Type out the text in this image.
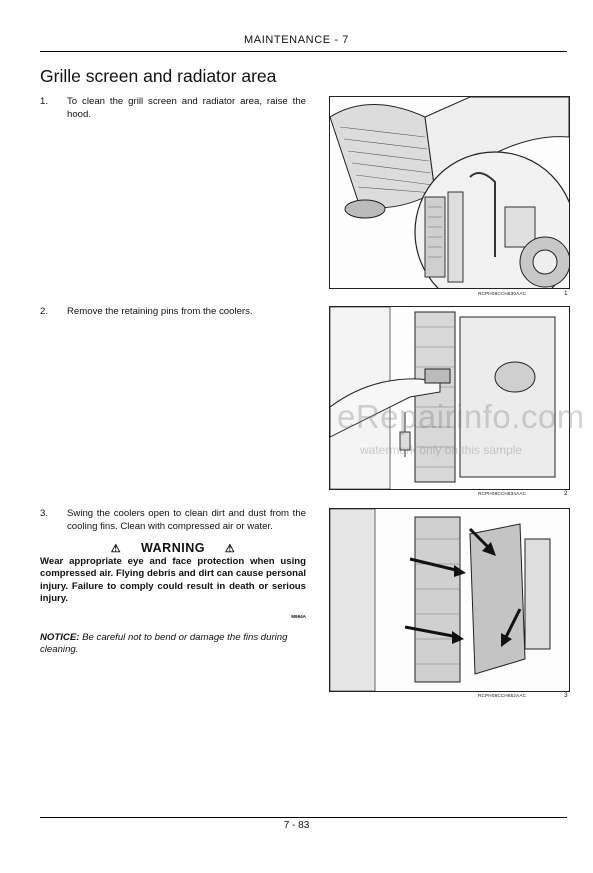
MAINTENANCE - 7
Grille screen and radiator area
1. To clean the grill screen and radiator area, raise the hood.
2. Remove the retaining pins from the coolers.
3. Swing the coolers open to clean dirt and dust from the cooling fins. Clean with compressed air or water.
⚠ WARNING ⚠
Wear appropriate eye and face protection when using compressed air. Flying debris and dirt can cause personal injury. Failure to comply could result in death or serious injury.
M994A
NOTICE: Be careful not to bend or damage the fins during cleaning.
RCPH08CCH630AAC	1
RCPH08CCH634AAC	2
RCPH08CCH652AAC	3
eRepairinfo.com
watermark only on this sample
7 - 83
